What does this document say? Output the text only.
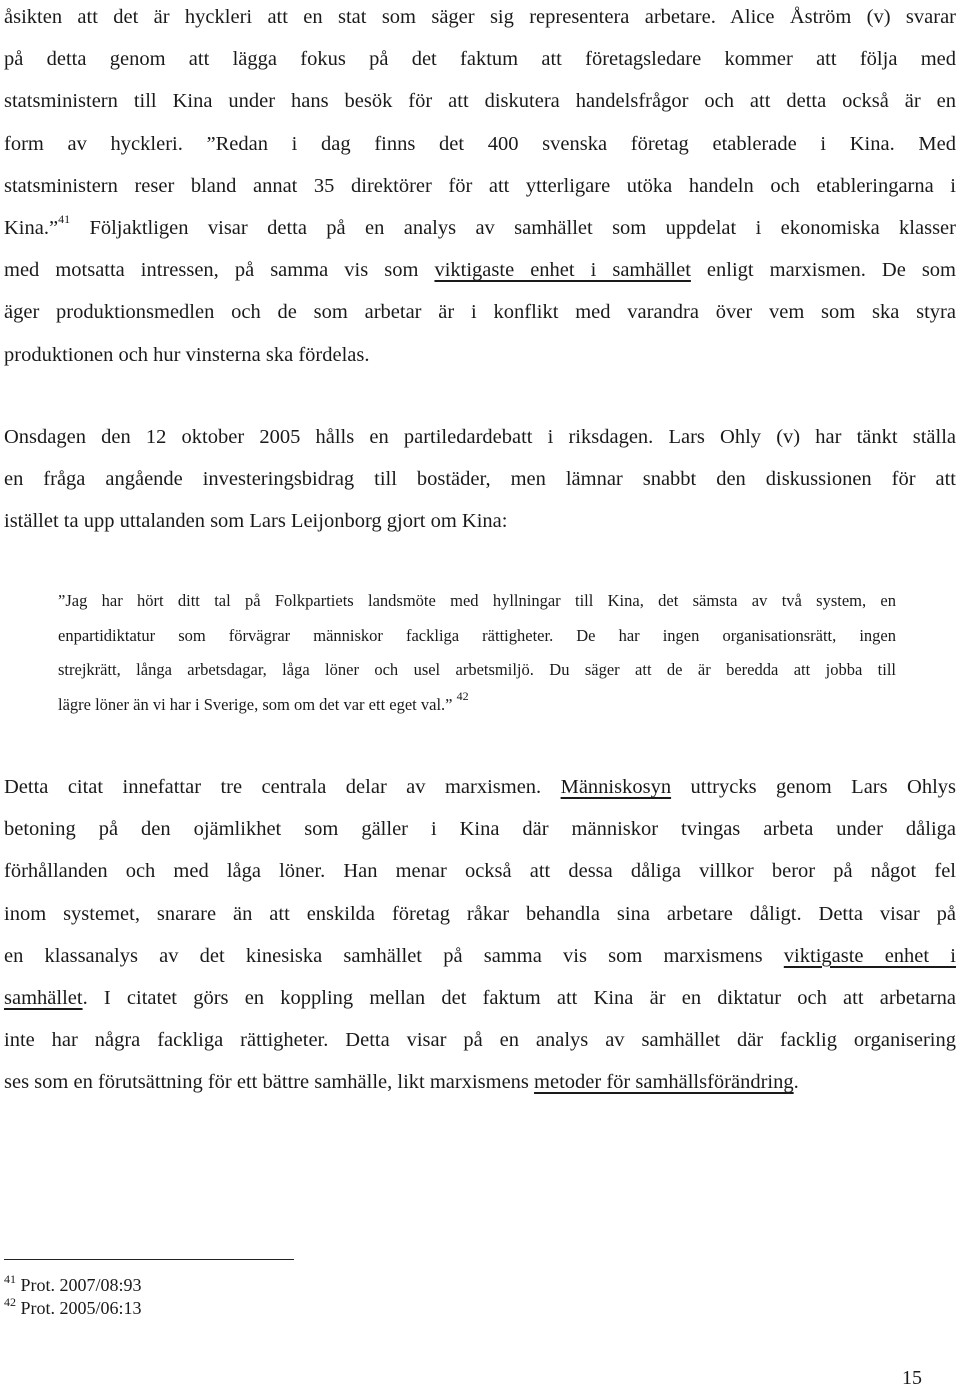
åsikten att det är hyckleri att en stat som säger sig representera arbetare. Alice Åström (v) svarar
på detta genom att lägga fokus på det faktum att företagsledare kommer att följa med
statsministern till Kina under hans besök för att diskutera handelsfrågor och att detta också är en
form av hyckleri. ”Redan i dag finns det 400 svenska företag etablerade i Kina. Med
statsministern reser bland annat 35 direktörer för att ytterligare utöka handeln och etableringarna i
Kina.”$^{41}$ Följaktligen visar detta på en analys av samhället som uppdelat i ekonomiska klasser
med motsatta intressen, på samma vis som viktigaste enhet i samhället enligt marxismen. De som
äger produktionsmedlen och de som arbetar är i konflikt med varandra över vem som ska styra
produktionen och hur vinsterna ska fördelas.
Onsdagen den 12 oktober 2005 hålls en partiledardebatt i riksdagen. Lars Ohly (v) har tänkt ställa
en fråga angående investeringsbidrag till bostäder, men lämnar snabbt den diskussionen för att
istället ta upp uttalanden som Lars Leijonborg gjort om Kina:
”Jag har hört ditt tal på Folkpartiets landsmöte med hyllningar till Kina, det sämsta av två system, en
enpartidiktatur som förvägrar människor fackliga rättigheter. De har ingen organisationsrätt, ingen
strejkrätt, långa arbetsdagar, låga löner och usel arbetsmiljö. Du säger att de är beredda att jobba till
lägre löner än vi har i Sverige, som om det var ett eget val.” $^{42}$
Detta citat innefattar tre centrala delar av marxismen. Människosyn uttrycks genom Lars Ohlys
betoning på den ojämlikhet som gäller i Kina där människor tvingas arbeta under dåliga
förhållanden och med låga löner. Han menar också att dessa dåliga villkor beror på något fel
inom systemet, snarare än att enskilda företag råkar behandla sina arbetare dåligt. Detta visar på
en klassanalys av det kinesiska samhället på samma vis som marxismens viktigaste enhet i
samhället. I citatet görs en koppling mellan det faktum att Kina är en diktatur och att arbetarna
inte har några fackliga rättigheter. Detta visar på en analys av samhället där facklig organisering
ses som en förutsättning för ett bättre samhälle, likt marxismens metoder för samhällsförändring.
$^{41}$ Prot. 2007/08:93
$^{42}$ Prot. 2005/06:13
15
